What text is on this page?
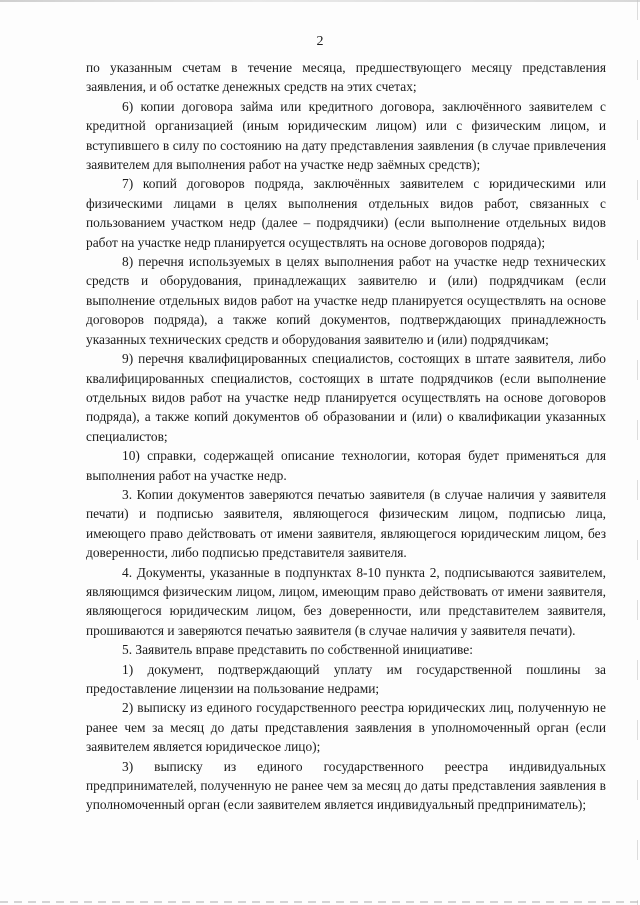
2

по указанным счетам в течение месяца, предшествующего месяцу представления заявления, и об остатке денежных средств на этих счетах;

6) копии договора займа или кредитного договора, заключённого заявителем с кредитной организацией (иным юридическим лицом) или с физическим лицом, и вступившего в силу по состоянию на дату представления заявления (в случае привлечения заявителем для выполнения работ на участке недр заёмных средств);

7) копий договоров подряда, заключённых заявителем с юридическими или физическими лицами в целях выполнения отдельных видов работ, связанных с пользованием участком недр (далее – подрядчики) (если выполнение отдельных видов работ на участке недр планируется осуществлять на основе договоров подряда);

8) перечня используемых в целях выполнения работ на участке недр технических средств и оборудования, принадлежащих заявителю и (или) подрядчикам (если выполнение отдельных видов работ на участке недр планируется осуществлять на основе договоров подряда), а также копий документов, подтверждающих принадлежность указанных технических средств и оборудования заявителю и (или) подрядчикам;

9) перечня квалифицированных специалистов, состоящих в штате заявителя, либо квалифицированных специалистов, состоящих в штате подрядчиков (если выполнение отдельных видов работ на участке недр планируется осуществлять на основе договоров подряда), а также копий документов об образовании и (или) о квалификации указанных специалистов;

10) справки, содержащей описание технологии, которая будет применяться для выполнения работ на участке недр.

3. Копии документов заверяются печатью заявителя (в случае наличия у заявителя печати) и подписью заявителя, являющегося физическим лицом, подписью лица, имеющего право действовать от имени заявителя, являющегося юридическим лицом, без доверенности, либо подписью представителя заявителя.

4. Документы, указанные в подпунктах 8-10 пункта 2, подписываются заявителем, являющимся физическим лицом, лицом, имеющим право действовать от имени заявителя, являющегося юридическим лицом, без доверенности, или представителем заявителя, прошиваются и заверяются печатью заявителя (в случае наличия у заявителя печати).

5. Заявитель вправе представить по собственной инициативе:

1) документ, подтверждающий уплату им государственной пошлины за предоставление лицензии на пользование недрами;

2) выписку из единого государственного реестра юридических лиц, полученную не ранее чем за месяц до даты представления заявления в уполномоченный орган (если заявителем является юридическое лицо);

3) выписку из единого государственного реестра индивидуальных предпринимателей, полученную не ранее чем за месяц до даты представления заявления в уполномоченный орган (если заявителем является индивидуальный предприниматель);
